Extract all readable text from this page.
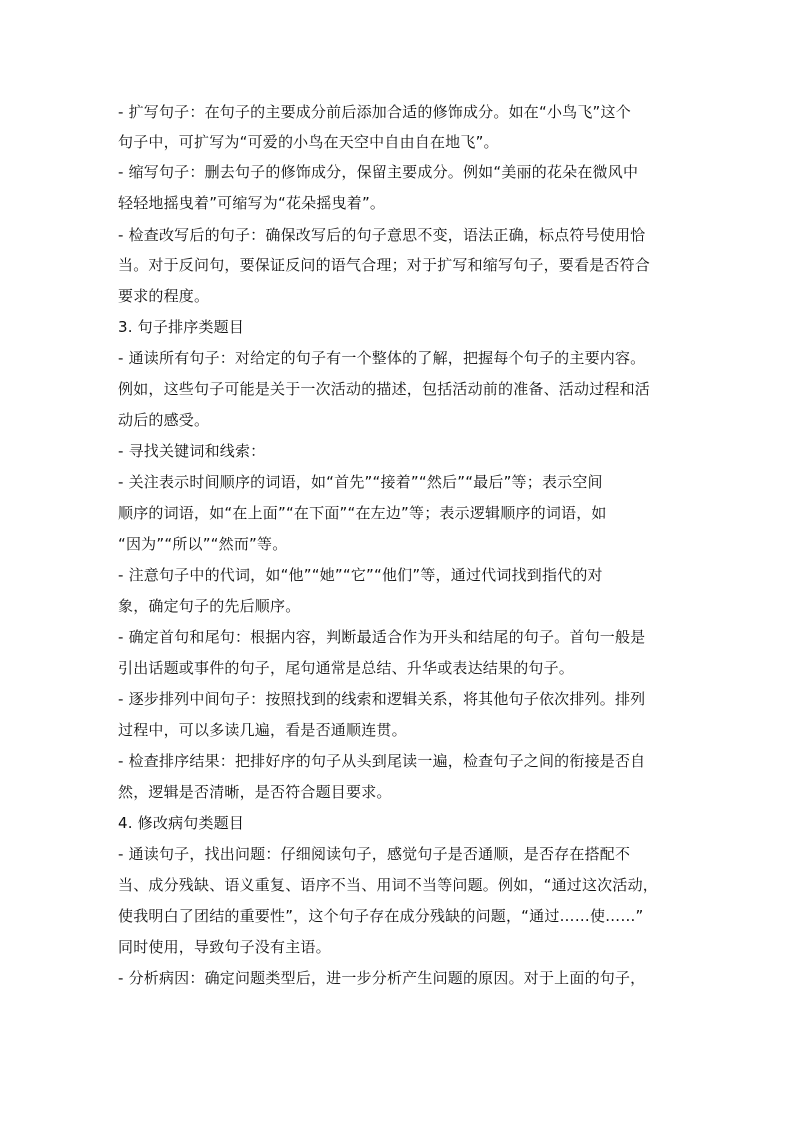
- 扩写句子：在句子的主要成分前后添加合适的修饰成分。如在“小鸟飞”这个
句子中，可扩写为“可爱的小鸟在天空中自由自在地飞”。
- 缩写句子：删去句子的修饰成分，保留主要成分。例如“美丽的花朵在微风中
轻轻地摇曳着”可缩写为“花朵摇曳着”。
- 检查改写后的句子：确保改写后的句子意思不变，语法正确，标点符号使用恰
当。对于反问句，要保证反问的语气合理；对于扩写和缩写句子，要看是否符合
要求的程度。
3. 句子排序类题目
- 通读所有句子：对给定的句子有一个整体的了解，把握每个句子的主要内容。
例如，这些句子可能是关于一次活动的描述，包括活动前的准备、活动过程和活
动后的感受。
- 寻找关键词和线索：
- 关注表示时间顺序的词语，如“首先”“接着”“然后”“最后”等；表示空间
顺序的词语，如“在上面”“在下面”“在左边”等；表示逻辑顺序的词语，如
“因为”“所以”“然而”等。
- 注意句子中的代词，如“他”“她”“它”“他们”等，通过代词找到指代的对
象，确定句子的先后顺序。
- 确定首句和尾句：根据内容，判断最适合作为开头和结尾的句子。首句一般是
引出话题或事件的句子，尾句通常是总结、升华或表达结果的句子。
- 逐步排列中间句子：按照找到的线索和逻辑关系，将其他句子依次排列。排列
过程中，可以多读几遍，看是否通顺连贯。
- 检查排序结果：把排好序的句子从头到尾读一遍，检查句子之间的衔接是否自
然，逻辑是否清晰，是否符合题目要求。
4. 修改病句类题目
- 通读句子，找出问题：仔细阅读句子，感觉句子是否通顺，是否存在搭配不
当、成分残缺、语义重复、语序不当、用词不当等问题。例如，“通过这次活动，
使我明白了团结的重要性”，这个句子存在成分残缺的问题，“通过……使……”
同时使用，导致句子没有主语。
- 分析病因：确定问题类型后，进一步分析产生问题的原因。对于上面的句子，
